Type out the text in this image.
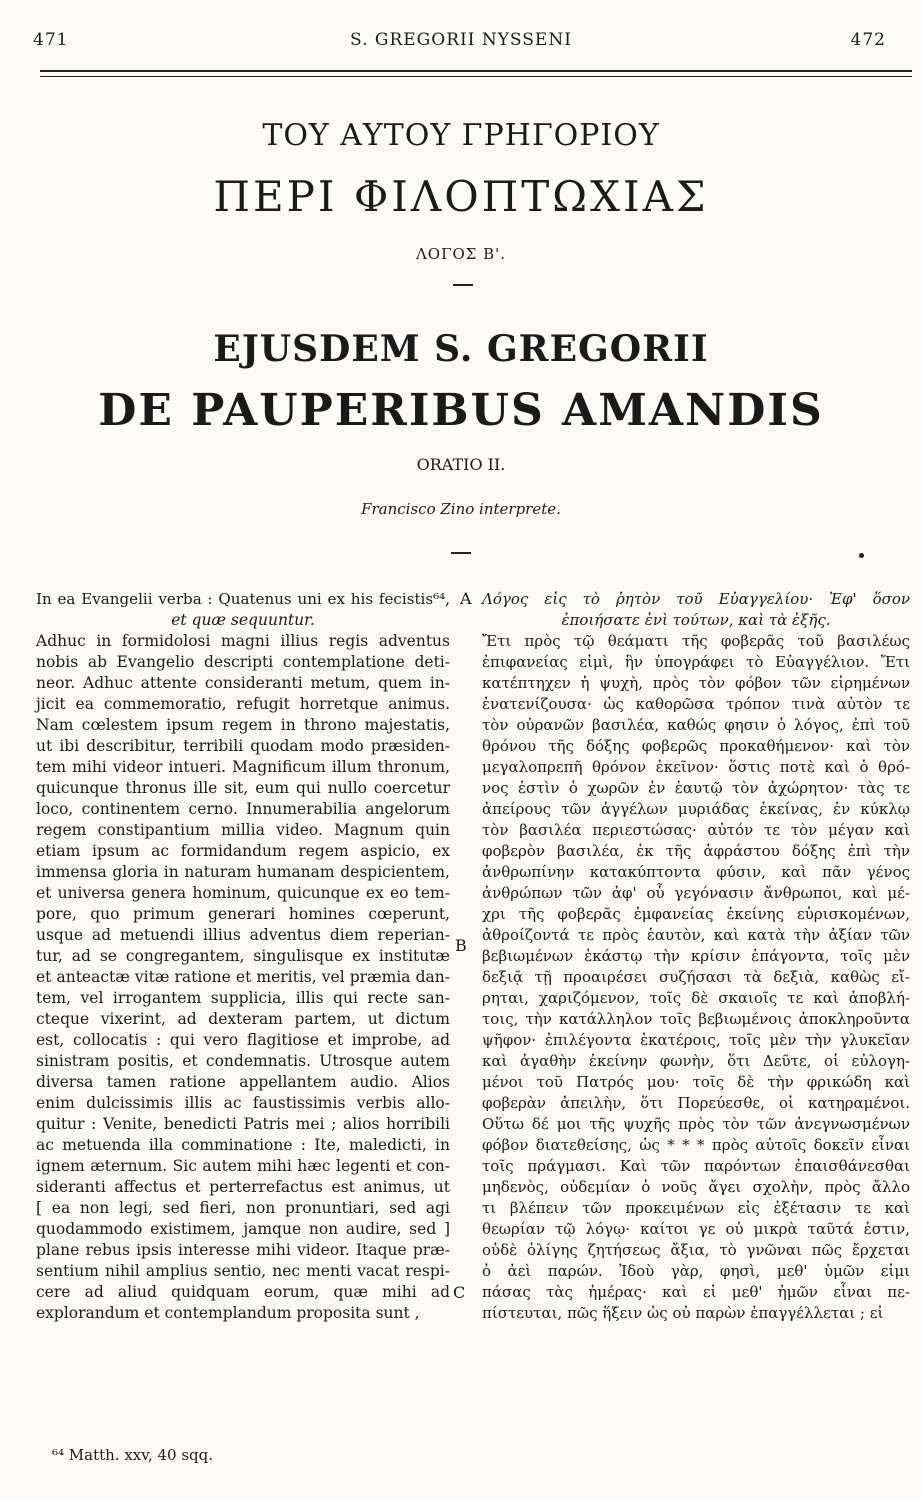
471	S. GREGORII NYSSENI	472
ΤΟΥ ΑΥΤΟΥ ΓΡΗΓΟΡΙΟΥ
ΠΕΡΙ ΦΙΛΟΠΤΩΧΙΑΣ
ΛΟΓΟΣ Β'.
EJUSDEM S. GREGORII
DE PAUPERIBUS AMANDIS
ORATIO II.
Francisco Zino interprete.
In ea Evangelii verba : Quatenus uni ex his fecistis⁶⁴,
et quæ sequuntur.
Adhuc in formidolosi magni illius regis adventus
nobis ab Evangelio descripti contemplatione deti-
neor. Adhuc attente consideranti metum, quem in-
jicit ea commemoratio, refugit horretque animus.
Nam cœlestem ipsum regem in throno majestatis,
ut ibi describitur, terribili quodam modo præsiden-
tem mihi videor intueri. Magnificum illum thronum,
quicunque thronus ille sit, eum qui nullo coercetur
loco, continentem cerno. Innumerabilia angelorum
regem constipantium millia video. Magnum quin
etiam ipsum ac formidandum regem aspicio, ex
immensa gloria in naturam humanam despicientem,
et universa genera hominum, quicunque ex eo tem-
pore, quo primum generari homines cœperunt,
usque ad metuendi illius adventus diem reperian-
tur, ad se congregantem, singulisque ex institutæ
et anteactæ vitæ ratione et meritis, vel præmia dan-
tem, vel irrogantem supplicia, illis qui recte san-
cteque vixerint, ad dexteram partem, ut dictum
est, collocatis : qui vero flagitiose et improbe, ad
sinistram positis, et condemnatis. Utrosque autem
diversa tamen ratione appellantem audio. Alios
enim dulcissimis illis ac faustissimis verbis allo-
quitur : Venite, benedicti Patris mei ; alios horribili
ac metuenda illa comminatione : Ite, maledicti, in
ignem æternum. Sic autem mihi hæc legenti et con-
sideranti affectus et perterrefactus est animus, ut
[ ea non legi, sed fieri, non pronuntiari, sed agi
quodammodo existimem, jamque non audire, sed ]
plane rebus ipsis interesse mihi videor. Itaque præ-
sentium nihil amplius sentio, nec menti vacat respi-
cere ad aliud quidquam eorum, quæ mihi ad
explorandum et contemplandum proposita sunt ,
Λόγος εἰς τὸ ῥητὸν τοῦ Εὐαγγελίου· Ἐφ' ὅσον
ἐποιήσατε ἑνὶ τούτων, καὶ τὰ ἑξῆς.
Ἔτι πρὸς τῷ θεάματι τῆς φοβερᾶς τοῦ βασιλέως
ἐπιφανείας εἰμὶ, ἣν ὑπογράφει τὸ Εὐαγγέλιον. Ἔτι
κατέπτηχεν ἡ ψυχὴ, πρὸς τὸν φόβον τῶν εἰρημένων
ἐνατενίζουσα· ὡς καθορῶσα τρόπον τινὰ αὐτὸν τε
τὸν οὐρανῶν βασιλέα, καθώς φησιν ὁ λόγος, ἐπὶ τοῦ
θρόνου τῆς δόξης φοβερῶς προκαθήμενον· καὶ τὸν
μεγαλοπρεπῆ θρόνον ἐκεῖνον· ὅστις ποτὲ καὶ ὁ θρό-
νος ἐστὶν ὁ χωρῶν ἐν ἑαυτῷ τὸν ἀχώρητον· τὰς τε
ἀπείρους τῶν ἀγγέλων μυριάδας ἐκείνας, ἐν κύκλῳ
τὸν βασιλέα περιεστώσας· αὐτόν τε τὸν μέγαν καὶ
φοβερὸν βασιλέα, ἐκ τῆς ἀφράστου δόξης ἐπὶ τὴν
ἀνθρωπίνην κατακύπτοντα φύσιν, καὶ πᾶν γένος
ἀνθρώπων τῶν ἀφ' οὗ γεγόνασιν ἄνθρωποι, καὶ μέ-
χρι τῆς φοβερᾶς ἐμφανείας ἐκείνης εὑρισκομένων,
ἀθροίζοντά τε πρὸς ἑαυτὸν, καὶ κατὰ τὴν ἀξίαν τῶν
βεβιωμένων ἑκάστῳ τὴν κρίσιν ἐπάγοντα, τοῖς μὲν
δεξιᾷ τῇ προαιρέσει συζήσασι τὰ δεξιὰ, καθὼς εἴ-
ρηται, χαριζόμενον, τοῖς δὲ σκαιοῖς τε καὶ ἀποβλή-
τοις, τὴν κατάλληλον τοῖς βεβιωμένοις ἀποκληροῦντα
ψῆφον· ἐπιλέγοντα ἑκατέροις, τοῖς μὲν τὴν γλυκεῖαν
καὶ ἀγαθὴν ἐκείνην φωνὴν, ὅτι Δεῦτε, οἱ εὐλογη-
μένοι τοῦ Πατρός μου· τοῖς δὲ τὴν φρικώδη καὶ
φοβερὰν ἀπειλὴν, ὅτι Πορεύεσθε, οἱ κατηραμένοι.
Οὕτω δέ μοι τῆς ψυχῆς πρὸς τὸν τῶν ἀνεγνωσμένων
φόβον διατεθείσης, ὡς * * * πρὸς αὐτοῖς δοκεῖν εἶναι
τοῖς πράγμασι. Καὶ τῶν παρόντων ἐπαισθάνεσθαι
μηδενὸς, οὐδεμίαν ὁ νοῦς ἄγει σχολὴν, πρὸς ἄλλο
τι βλέπειν τῶν προκειμένων εἰς ἐξέτασιν τε καὶ
θεωρίαν τῷ λόγῳ· καίτοι γε οὐ μικρὰ ταῦτά ἐστιν,
οὐδὲ ὀλίγης ζητήσεως ἄξια, τὸ γνῶναι πῶς ἔρχεται
ὁ ἀεὶ παρών. Ἰδοὺ γὰρ, φησὶ, μεθ' ὑμῶν εἰμι
πάσας τὰς ἡμέρας· καὶ εἰ μεθ' ἡμῶν εἶναι πε-
πίστευται, πῶς ἥξειν ὡς οὐ παρὼν ἐπαγγέλλεται ; εἰ
A
B
C
⁶⁴ Matth. xxv, 40 sqq.
